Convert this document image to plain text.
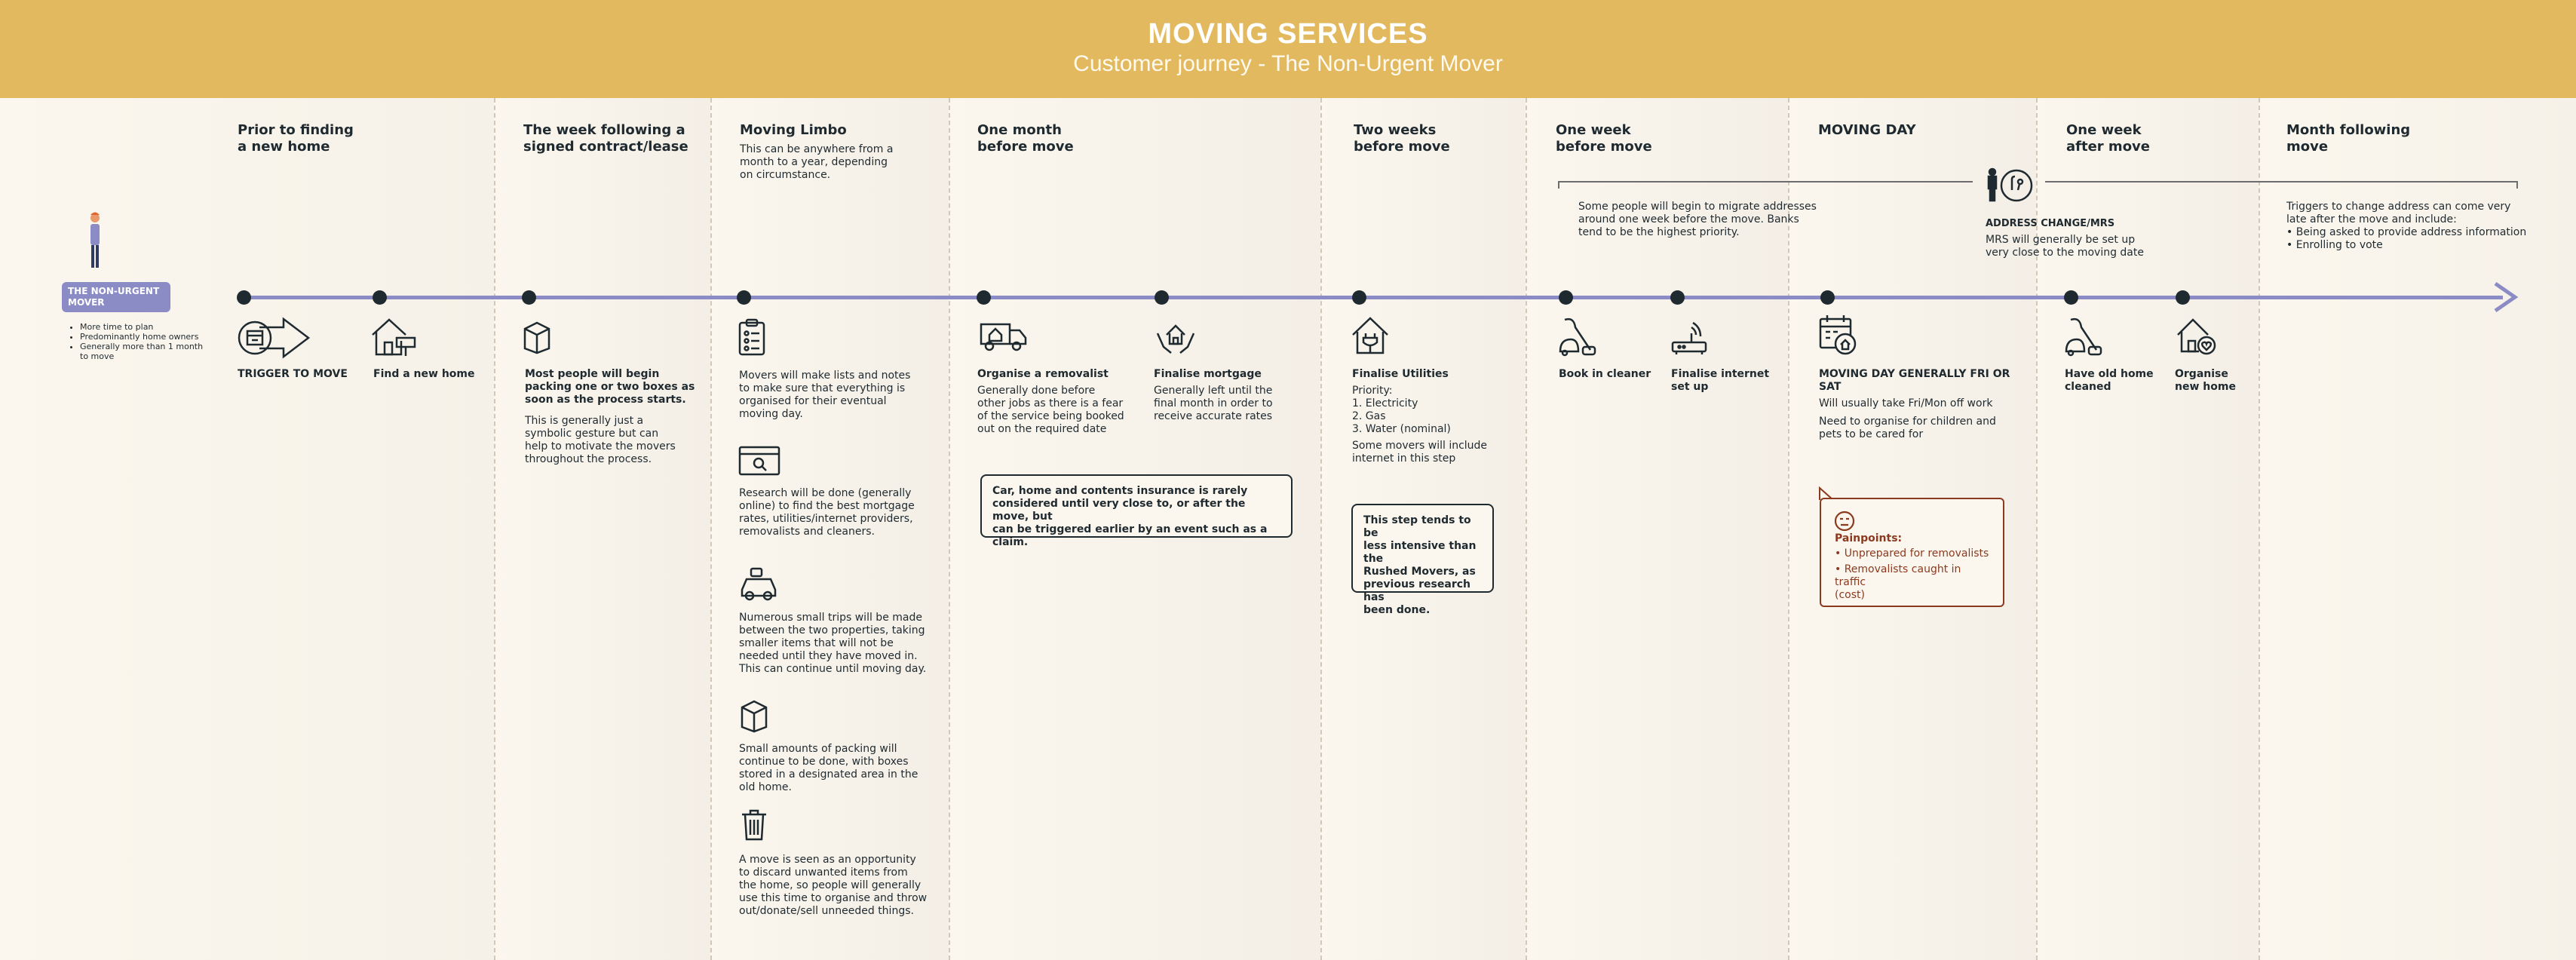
MOVING SERVICES
Customer journey - The Non-Urgent Mover
Prior to finding
a new home
The week following a
signed contract/lease
Moving Limbo
This can be anywhere from a
month to a year, depending
on circumstance.
One month
before move
Two weeks
before move
One week
before move
MOVING DAY	One week
after move
Month following
move
THE NON-URGENT MOVER
• More time to plan
• Predominantly home owners
• Generally more than 1 month to move
TRIGGER TO MOVE Find a new home	Most people will begin
packing one or two boxes as
soon as the process starts.
This is generally just a
symbolic gesture but can
help to motivate the movers
throughout the process.
Movers will make lists and notes
to make sure that everything is
organised for their eventual
moving day.
Research will be done (generally
online) to find the best mortgage
rates, utilities/internet providers,
removalists and cleaners.
Numerous small trips will be made
between the two properties, taking
smaller items that will not be
needed until they have moved in.
This can continue until moving day.
Small amounts of packing will
continue to be done, with boxes
stored in a designated area in the
old home.
A move is seen as an opportunity
to discard unwanted items from
the home, so people will generally
use this time to organise and throw
out/donate/sell unneeded things.
Organise a removalist
Generally done before
other jobs as there is a fear
of the service being booked
out on the required date
Finalise mortgage
Generally left until the
final month in order to
receive accurate rates
Car, home and contents insurance is rarely
considered until very close to, or after the move, but
can be triggered earlier by an event such as a claim.
Finalise Utilities
Priority:
1. Electricity
2. Gas
3. Water (nominal)
Some movers will include
internet in this step
This step tends to be
less intensive than the
Rushed Movers, as
previous research has
been done.
Some people will begin to migrate addresses
around one week before the move. Banks
tend to be the highest priority.
Book in cleaner Finalise internet
set up
ADDRESS CHANGE/MRS
MRS will generally be set up
very close to the moving date
MOVING DAY GENERALLY FRI OR
SAT
Will usually take Fri/Mon off work
Need to organise for children and
pets to be cared for
Painpoints:
• Unprepared for removalists
• Removalists caught in traffic
(cost)
Have old home
cleaned
Organise
new home
Triggers to change address can come very
late after the move and include:
• Being asked to provide address information
• Enrolling to vote
